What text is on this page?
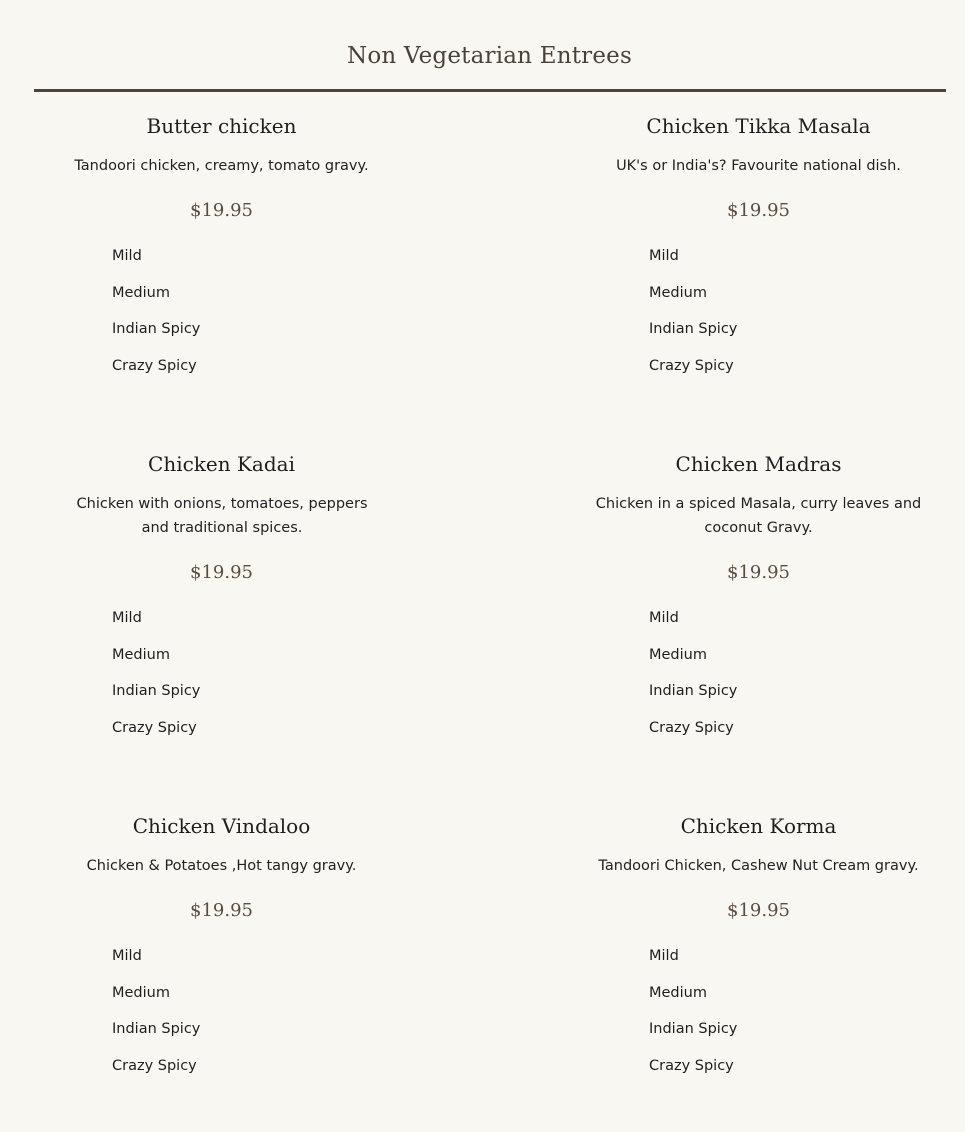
Non Vegetarian Entrees
Butter chicken
Tandoori chicken, creamy, tomato gravy.
$19.95
Mild
Medium
Indian Spicy
Crazy Spicy
Chicken Tikka Masala
UK's or India's? Favourite national dish.
$19.95
Mild
Medium
Indian Spicy
Crazy Spicy
Chicken Kadai
Chicken with onions, tomatoes, peppers and traditional spices.
$19.95
Mild
Medium
Indian Spicy
Crazy Spicy
Chicken Madras
Chicken in a spiced Masala, curry leaves and coconut Gravy.
$19.95
Mild
Medium
Indian Spicy
Crazy Spicy
Chicken Vindaloo
Chicken & Potatoes ,Hot tangy gravy.
$19.95
Mild
Medium
Indian Spicy
Crazy Spicy
Chicken Korma
Tandoori Chicken, Cashew Nut Cream gravy.
$19.95
Mild
Medium
Indian Spicy
Crazy Spicy
